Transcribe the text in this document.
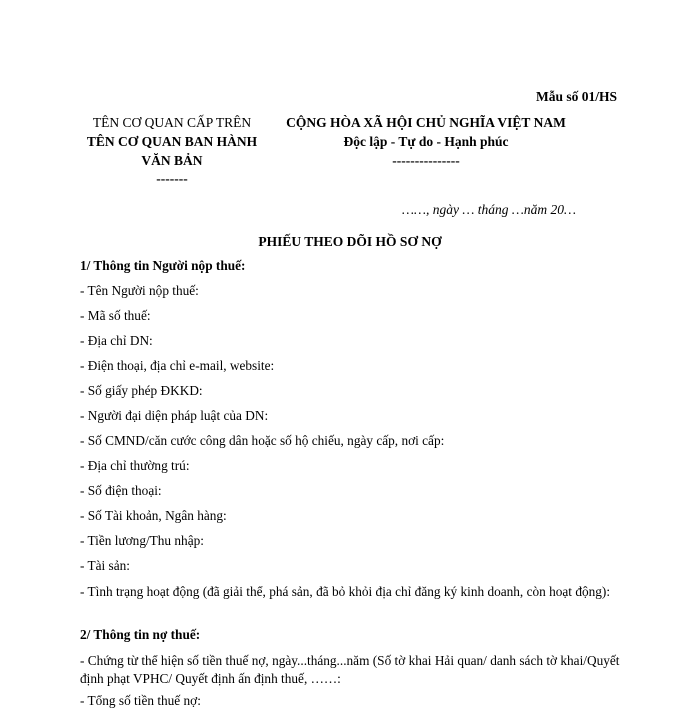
Mẫu số 01/HS
TÊN CƠ QUAN CẤP TRÊN
TÊN CƠ QUAN BAN HÀNH
VĂN BẢN
-------
CỘNG HÒA XÃ HỘI CHỦ NGHĨA VIỆT NAM
Độc lập - Tự do - Hạnh phúc
---------------
……, ngày … tháng …năm 20…
PHIẾU THEO DÕI HỒ SƠ NỢ
1/ Thông tin Người nộp thuế:
- Tên Người nộp thuế:
- Mã số thuế:
- Địa chỉ DN:
- Điện thoại, địa chỉ e-mail, website:
- Số giấy phép ĐKKD:
- Người đại diện pháp luật của DN:
- Số CMND/căn cước công dân hoặc số hộ chiếu, ngày cấp, nơi cấp:
- Địa chỉ thường trú:
- Số điện thoại:
- Số Tài khoản, Ngân hàng:
- Tiền lương/Thu nhập:
- Tài sản:
- Tình trạng hoạt động (đã giải thể, phá sản, đã bỏ khỏi địa chỉ đăng ký kinh doanh, còn hoạt động):
2/ Thông tin nợ thuế:
- Chứng từ thể hiện số tiền thuế nợ, ngày...tháng...năm (Số tờ khai Hải quan/ danh sách tờ khai/Quyết định phạt VPHC/ Quyết định ấn định thuế, ……:
- Tổng số tiền thuế nợ:
